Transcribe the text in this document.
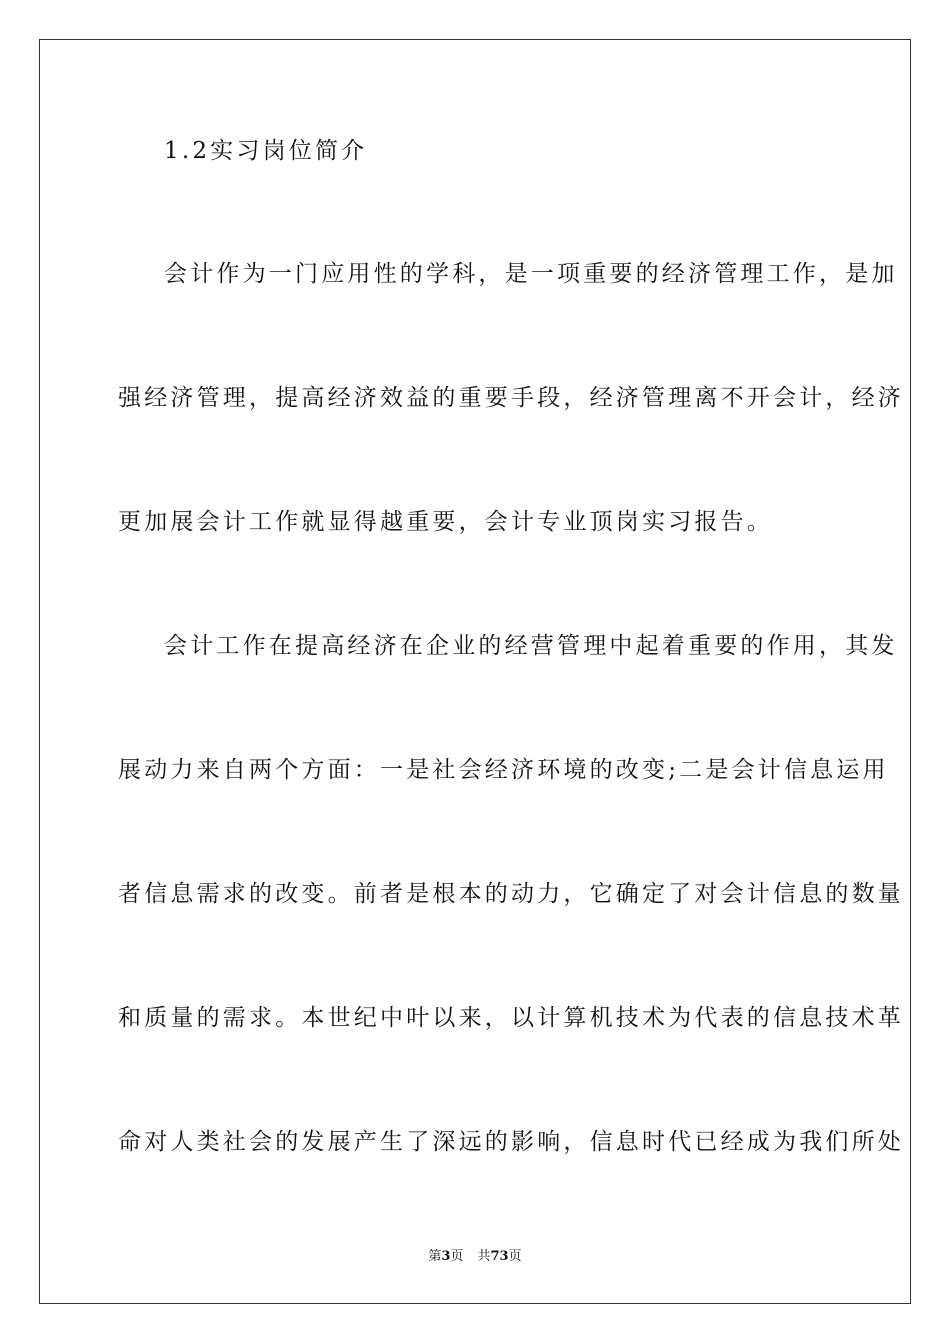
1.2实习岗位简介
会计作为一门应用性的学科，是一项重要的经济管理工作，是加
强经济管理，提高经济效益的重要手段，经济管理离不开会计，经济
更加展会计工作就显得越重要，会计专业顶岗实习报告。
会计工作在提高经济在企业的经营管理中起着重要的作用，其发
展动力来自两个方面：一是社会经济环境的改变;二是会计信息运用
者信息需求的改变。前者是根本的动力，它确定了对会计信息的数量
和质量的需求。本世纪中叶以来，以计算机技术为代表的信息技术革
命对人类社会的发展产生了深远的影响，信息时代已经成为我们所处
第3页 共73页
